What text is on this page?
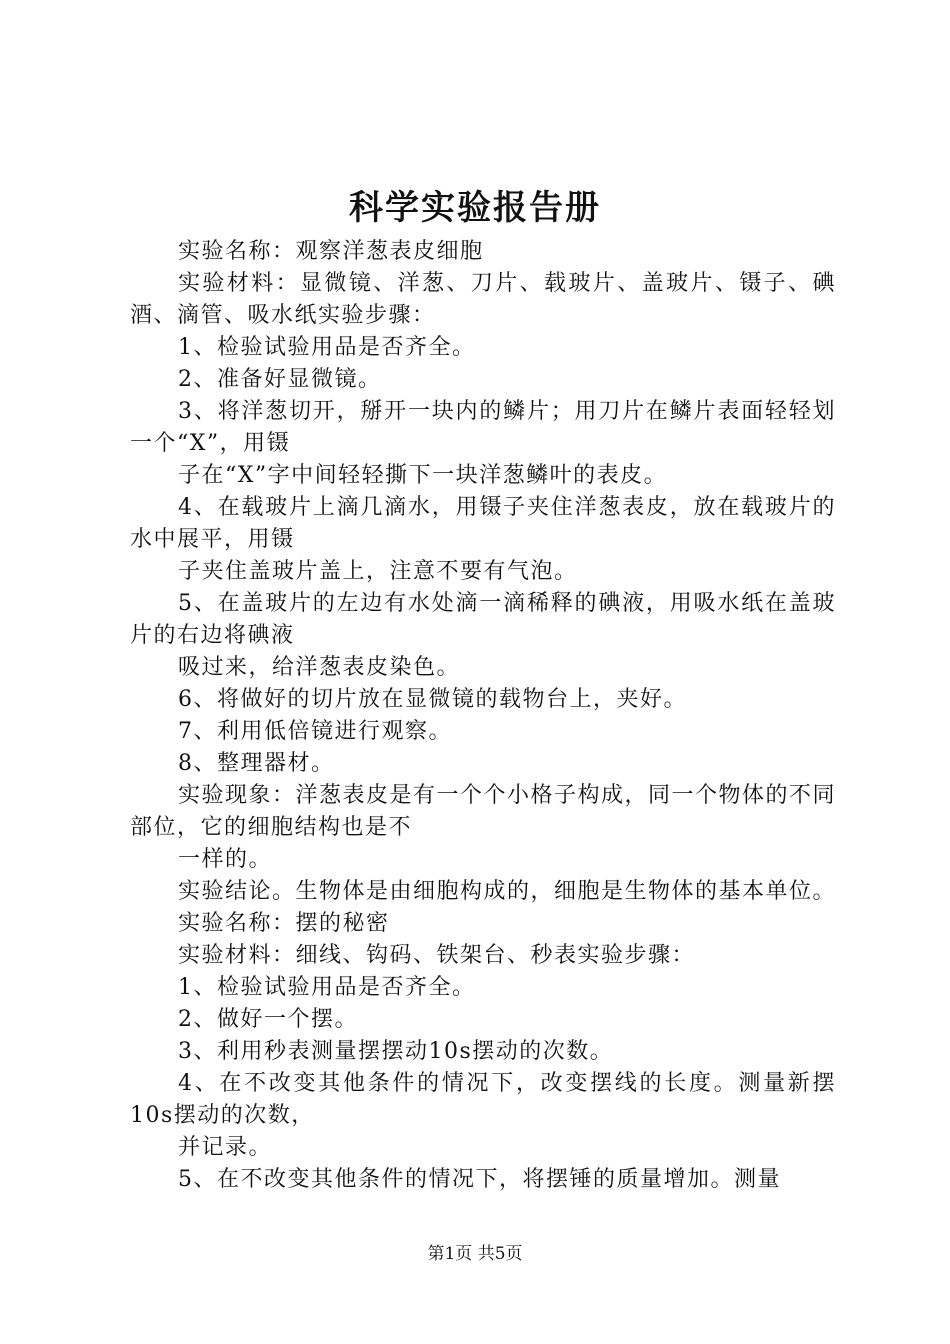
科学实验报告册

实验名称：观察洋葱表皮细胞

实验材料：显微镜、洋葱、刀片、载玻片、盖玻片、镊子、碘酒、滴管、吸水纸实验步骤：

1、检验试验用品是否齐全。

2、准备好显微镜。

3、将洋葱切开，掰开一块内的鳞片；用刀片在鳞片表面轻轻划一个“X”，用镊

子在“X”字中间轻轻撕下一块洋葱鳞叶的表皮。

4、在载玻片上滴几滴水，用镊子夹住洋葱表皮，放在载玻片的水中展平，用镊

子夹住盖玻片盖上，注意不要有气泡。

5、在盖玻片的左边有水处滴一滴稀释的碘液，用吸水纸在盖玻片的右边将碘液

吸过来，给洋葱表皮染色。

6、将做好的切片放在显微镜的载物台上，夹好。

7、利用低倍镜进行观察。

8、整理器材。

实验现象：洋葱表皮是有一个个小格子构成，同一个物体的不同部位，它的细胞结构也是不

一样的。

实验结论。生物体是由细胞构成的，细胞是生物体的基本单位。

实验名称：摆的秘密

实验材料：细线、钩码、铁架台、秒表实验步骤：

1、检验试验用品是否齐全。

2、做好一个摆。

3、利用秒表测量摆摆动10s摆动的次数。

4、在不改变其他条件的情况下，改变摆线的长度。测量新摆10s摆动的次数，

并记录。

5、在不改变其他条件的情况下，将摆锤的质量增加。测量

第1页 共5页
